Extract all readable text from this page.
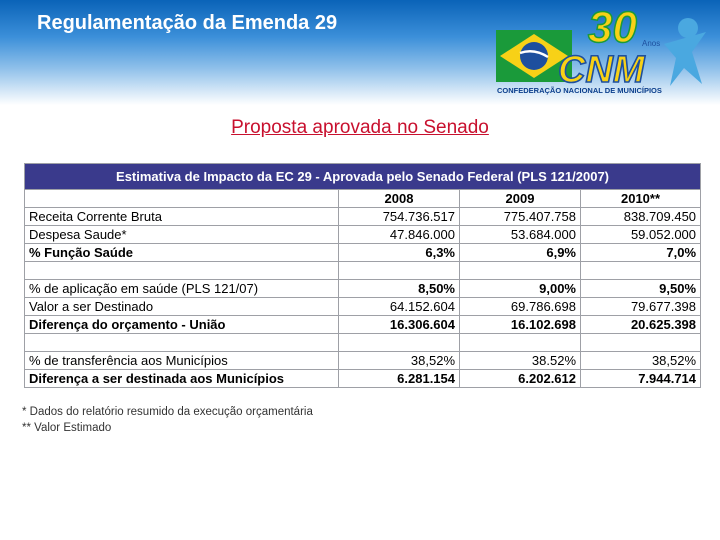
Regulamentação da Emenda 29	30 Anos
CNM
CONFEDERAÇÃO NACIONAL DE MUNICÍPIOS
Proposta aprovada no Senado
Estimativa de Impacto da EC 29 - Aprovada pelo Senado Federal (PLS 121/2007)			
	2008	2009	2010**
Receita Corrente Bruta	754.736.517	775.407.758	838.709.450
Despesa Saude*	47.846.000	53.684.000	59.052.000
% Função Saúde	6,3%	6,9%	7,0%

% de aplicação em saúde (PLS 121/07)	8,50%	9,00%	9,50%
Valor a ser Destinado	64.152.604	69.786.698	79.677.398
Diferença do orçamento - União	16.306.604	16.102.698	20.625.398

% de transferência aos Municípios	38,52%	38.52%	38,52%
Diferença a ser destinada aos Municípios	6.281.154	6.202.612	7.944.714
* Dados do relatório resumido da execução orçamentária
** Valor Estimado
